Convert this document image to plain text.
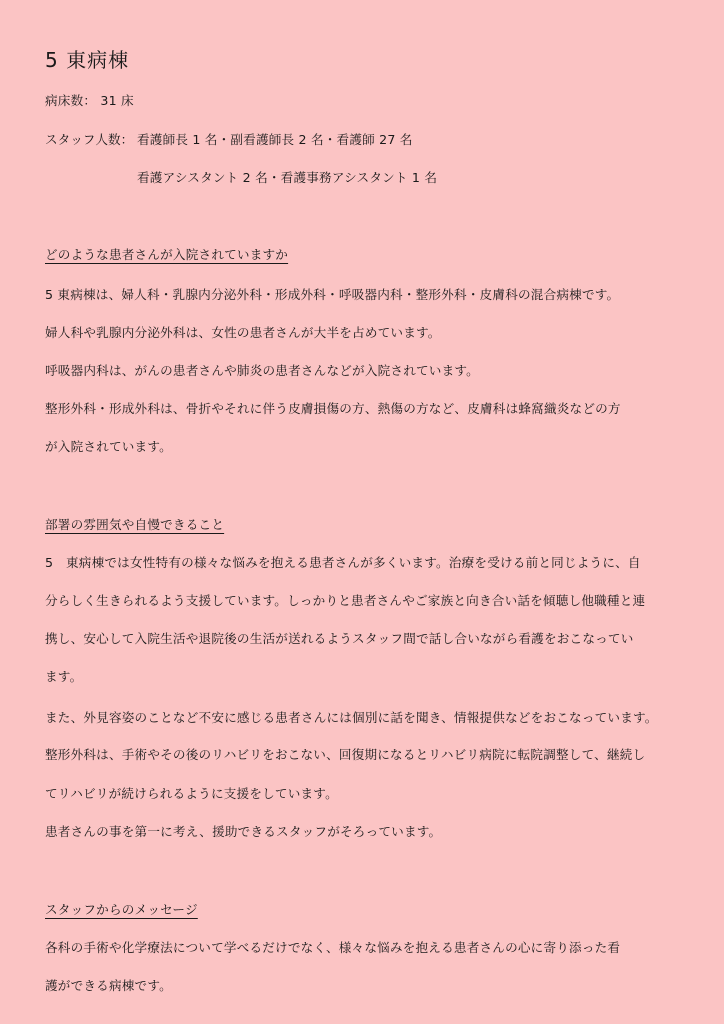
5 東病棟
病床数： 31 床
スタッフ人数： 看護師長 1 名・副看護師長 2 名・看護師 27 名
看護アシスタント 2 名・看護事務アシスタント 1 名
どのような患者さんが入院されていますか
5 東病棟は、婦人科・乳腺内分泌外科・形成外科・呼吸器内科・整形外科・皮膚科の混合病棟です。
婦人科や乳腺内分泌外科は、女性の患者さんが大半を占めています。
呼吸器内科は、がんの患者さんや肺炎の患者さんなどが入院されています。
整形外科・形成外科は、骨折やそれに伴う皮膚損傷の方、熱傷の方など、皮膚科は蜂窩織炎などの方
が入院されています。
部署の雰囲気や自慢できること
5　東病棟では女性特有の様々な悩みを抱える患者さんが多くいます。治療を受ける前と同じように、自
分らしく生きられるよう支援しています。しっかりと患者さんやご家族と向き合い話を傾聴し他職種と連
携し、安心して入院生活や退院後の生活が送れるようスタッフ間で話し合いながら看護をおこなってい
ます。
また、外見容姿のことなど不安に感じる患者さんには個別に話を聞き、情報提供などをおこなっています。
整形外科は、手術やその後のリハビリをおこない、回復期になるとリハビリ病院に転院調整して、継続し
てリハビリが続けられるように支援をしています。
患者さんの事を第一に考え、援助できるスタッフがそろっています。
スタッフからのメッセージ
各科の手術や化学療法について学べるだけでなく、様々な悩みを抱える患者さんの心に寄り添った看
護ができる病棟です。
